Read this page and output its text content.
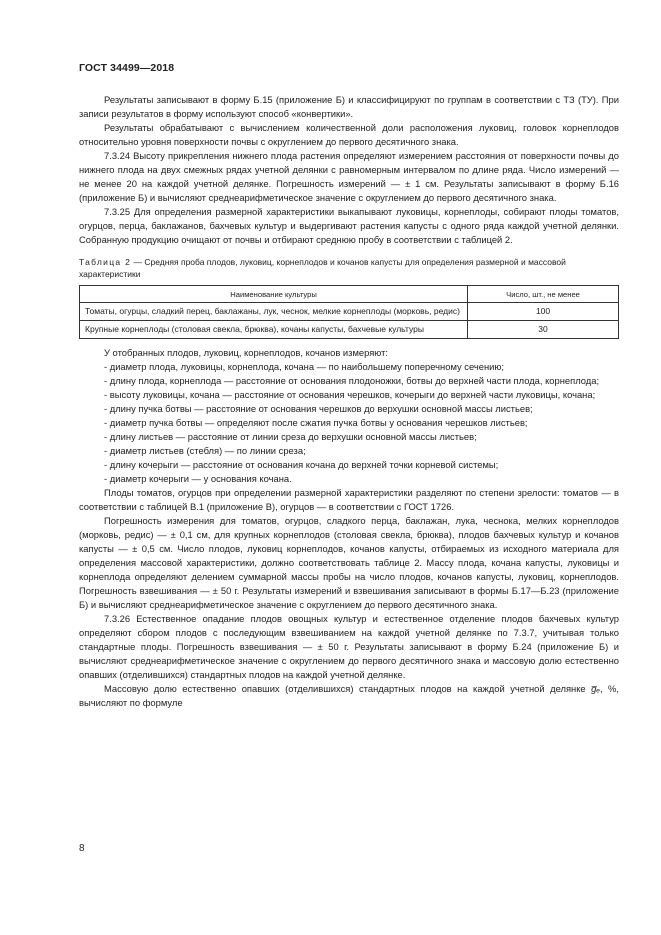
ГОСТ 34499—2018

Результаты записывают в форму Б.15 (приложение Б) и классифицируют по группам в соответствии с ТЗ (ТУ). При записи результатов в форму используют способ «конвертики».

Результаты обрабатывают с вычислением количественной доли расположения луковиц, головок корнеплодов относительно уровня поверхности почвы с округлением до первого десятичного знака.

7.3.24 Высоту прикрепления нижнего плода растения определяют измерением расстояния от поверхности почвы до нижнего плода на двух смежных рядах учетной делянки с равномерным интервалом по длине ряда. Число измерений — не менее 20 на каждой учетной делянке. Погрешность измерений — ± 1 см. Результаты записывают в форму Б.16 (приложение Б) и вычисляют среднеарифметическое значение с округлением до первого десятичного знака.

7.3.25 Для определения размерной характеристики выкапывают луковицы, корнеплоды, собирают плоды томатов, огурцов, перца, баклажанов, бахчевых культур и выдергивают растения капусты с одного ряда каждой учетной делянки. Собранную продукцию очищают от почвы и отбирают среднюю пробу в соответствии с таблицей 2.

Таблица 2 — Средняя проба плодов, луковиц, корнеплодов и кочанов капусты для определения размерной и массовой характеристики

Наименование культуры	Число, шт., не менее
Томаты, огурцы, сладкий перец, баклажаны, лук, чеснок, мелкие корнеплоды (морковь, редис)	100
Крупные корнеплоды (столовая свекла, брюква), кочаны капусты, бахчевые культуры	30

У отобранных плодов, луковиц, корнеплодов, кочанов измеряют:

- диаметр плода, луковицы, корнеплода, кочана — по наибольшему поперечному сечению;

- длину плода, корнеплода — расстояние от основания плодоножки, ботвы до верхней части плода, корнеплода;

- высоту луковицы, кочана — расстояние от основания черешков, кочерыги до верхней части луковицы, кочана;

- длину пучка ботвы — расстояние от основания черешков до верхушки основной массы листьев;

- диаметр пучка ботвы — определяют после сжатия пучка ботвы у основания черешков листьев;

- длину листьев — расстояние от линии среза до верхушки основной массы листьев;

- диаметр листьев (стебля) — по линии среза;

- длину кочерыги — расстояние от основания кочана до верхней точки корневой системы;

- диаметр кочерыги — у основания кочана.

Плоды томатов, огурцов при определении размерной характеристики разделяют по степени зрелости: томатов — в соответствии с таблицей В.1 (приложение В), огурцов — в соответствии с ГОСТ 1726.

Погрешность измерения для томатов, огурцов, сладкого перца, баклажан, лука, чеснока, мелких корнеплодов (морковь, редис) — ± 0,1 см, для крупных корнеплодов (столовая свекла, брюква), плодов бахчевых культур и кочанов капусты — ± 0,5 см. Число плодов, луковиц корнеплодов, кочанов капусты, отбираемых из исходного материала для определения массовой характеристики, должно соответствовать таблице 2. Массу плода, кочана капусты, луковицы и корнеплода определяют делением суммарной массы пробы на число плодов, кочанов капусты, луковиц, корнеплодов. Погрешность взвешивания — ± 50 г. Результаты измерений и взвешивания записывают в формы Б.17—Б.23 (приложение Б) и вычисляют среднеарифметическое значение с округлением до первого десятичного знака.

7.3.26 Естественное опадание плодов овощных культур и естественное отделение плодов бахчевых культур определяют сбором плодов с последующим взвешиванием на каждой учетной делянке по 7.3.7, учитывая только стандартные плоды. Погрешность взвешивания — ± 50 г. Результаты записывают в форму Б.24 (приложение Б) и вычисляют среднеарифметическое значение с округлением до первого десятичного знака и массовую долю естественно опавших (отделившихся) стандартных плодов на каждой учетной делянке.

Массовую долю естественно опавших (отделившихся) стандартных плодов на каждой учетной делянке g̅ₑ, %, вычисляют по формуле

8
